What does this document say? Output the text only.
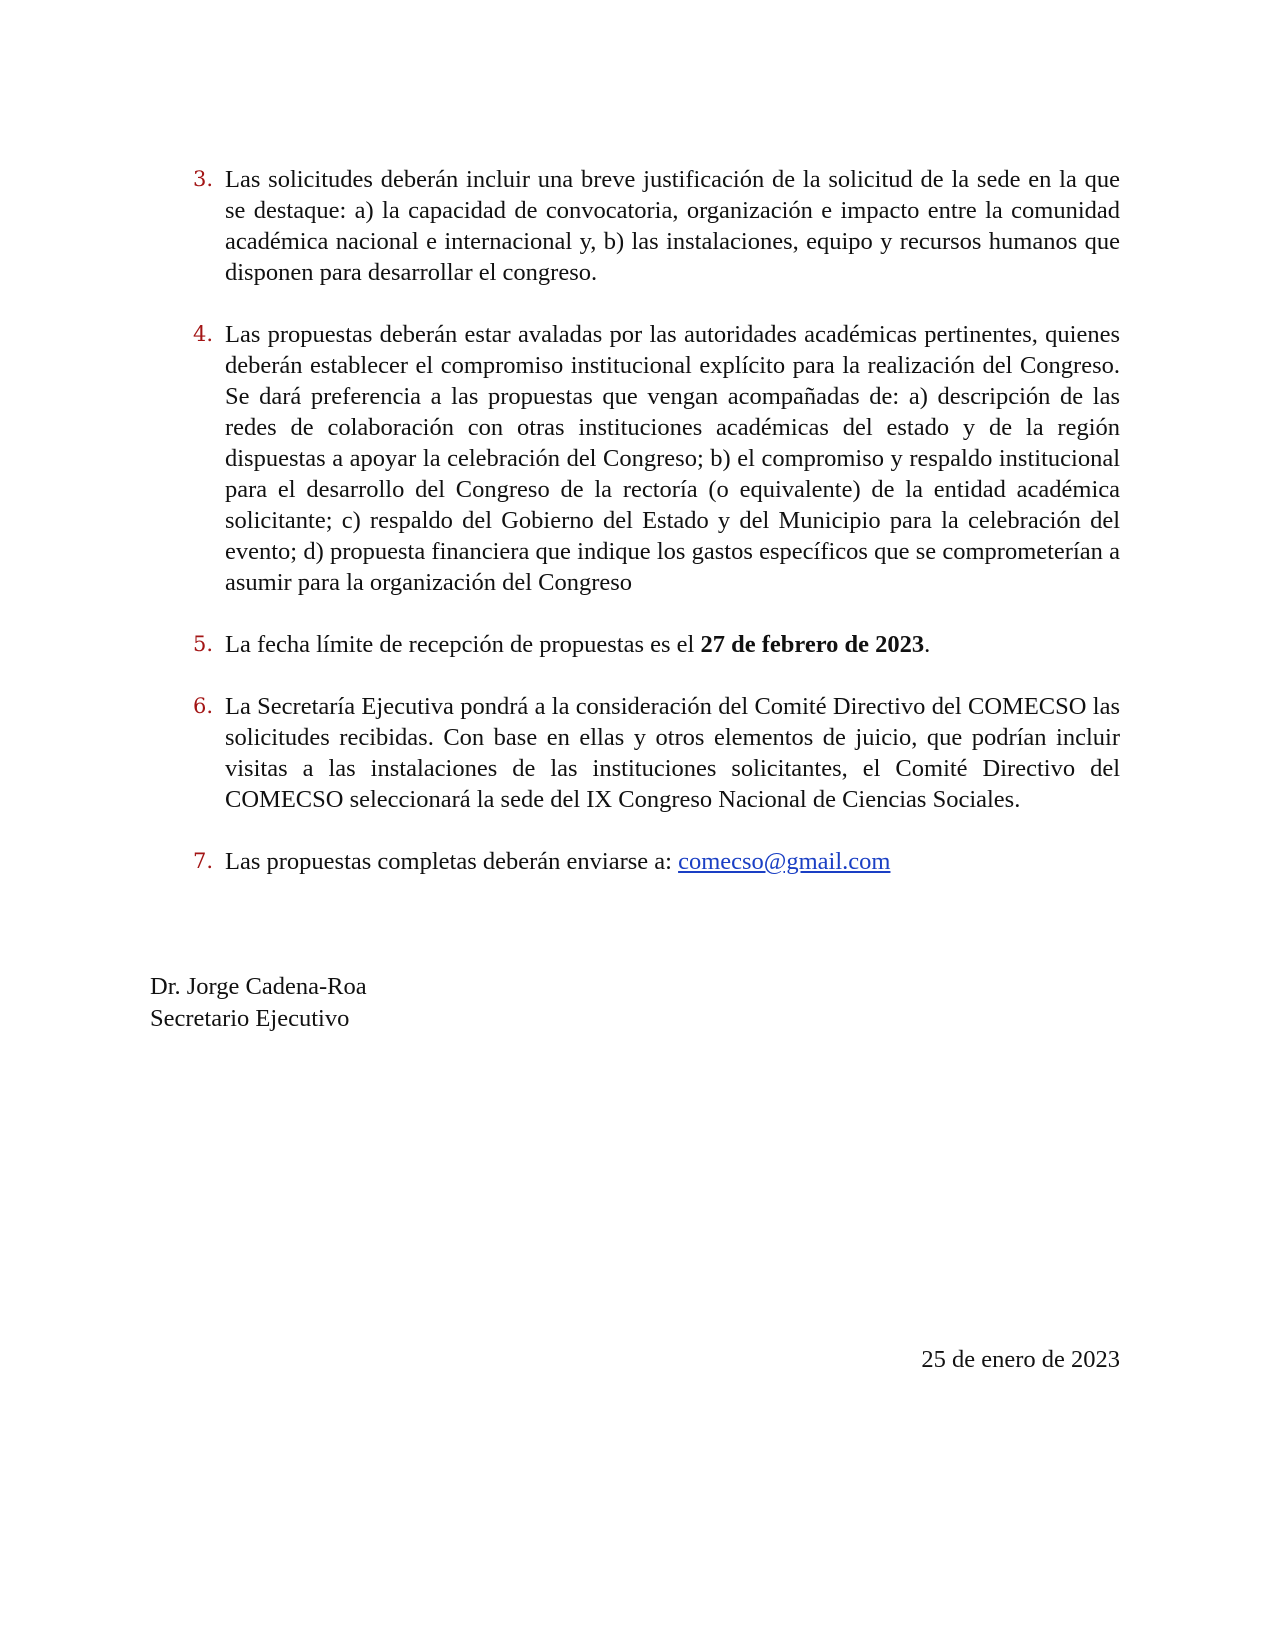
3. Las solicitudes deberán incluir una breve justificación de la solicitud de la sede en la que se destaque: a) la capacidad de convocatoria, organización e impacto entre la comunidad académica nacional e internacional y, b) las instalaciones, equipo y recursos humanos que disponen para desarrollar el congreso.
4. Las propuestas deberán estar avaladas por las autoridades académicas pertinentes, quienes deberán establecer el compromiso institucional explícito para la realización del Congreso. Se dará preferencia a las propuestas que vengan acompañadas de: a) descripción de las redes de colaboración con otras instituciones académicas del estado y de la región dispuestas a apoyar la celebración del Congreso; b) el compromiso y respaldo institucional para el desarrollo del Congreso de la rectoría (o equivalente) de la entidad académica solicitante; c) respaldo del Gobierno del Estado y del Municipio para la celebración del evento; d) propuesta financiera que indique los gastos específicos que se comprometerían a asumir para la organización del Congreso
5. La fecha límite de recepción de propuestas es el 27 de febrero de 2023.
6. La Secretaría Ejecutiva pondrá a la consideración del Comité Directivo del COMECSO las solicitudes recibidas. Con base en ellas y otros elementos de juicio, que podrían incluir visitas a las instalaciones de las instituciones solicitantes, el Comité Directivo del COMECSO seleccionará la sede del IX Congreso Nacional de Ciencias Sociales.
7. Las propuestas completas deberán enviarse a: comecso@gmail.com
Dr. Jorge Cadena-Roa
Secretario Ejecutivo
25 de enero de 2023
